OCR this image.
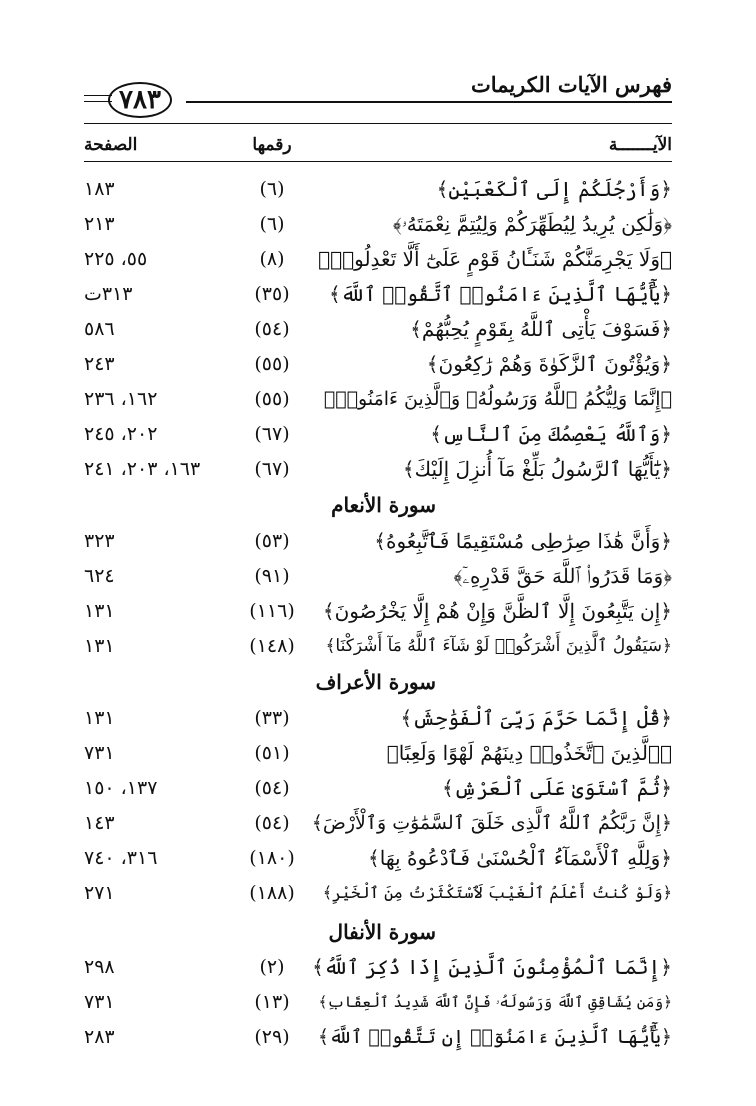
فهرس الآيات الكريمات
٧٨٣
الآيـــــــة
رقمها
الصفحة
﴿وَأَرْجُلَكُمْ إِلَى ٱلْكَعْبَيْنِ﴾
(٦)
١٨٣
﴿وَلَٰكِن يُرِيدُ لِيُطَهِّرَكُمْ وَلِيُتِمَّ نِعْمَتَهُۥ﴾
(٦)
٢١٣
﴿وَلَا يَجْرِمَنَّكُمْ شَنَـَٔانُ قَوْمٍ عَلَىٰٓ أَلَّا تَعْدِلُوا۟﴾
(٨)
٥٥، ٢٢٥
﴿يَٰٓأَيُّهَا ٱلَّذِينَ ءَامَنُوا۟ ٱتَّقُوا۟ ٱللَّهَ﴾
(٣٥)
٣١٣ت
﴿فَسَوْفَ يَأْتِى ٱللَّهُ بِقَوْمٍ يُحِبُّهُمْ﴾
(٥٤)
٥٨٦
﴿وَيُؤْتُونَ ٱلزَّكَوٰةَ وَهُمْ رَٰكِعُونَ﴾
(٥٥)
٢٤٣
﴿إِنَّمَا وَلِيُّكُمُ ٱللَّهُ وَرَسُولُهُۥ وَٱلَّذِينَ ءَامَنُوا۟﴾
(٥٥)
١٦٢، ٢٣٦
﴿وَٱللَّهُ يَعْصِمُكَ مِنَ ٱلنَّاسِ﴾
(٦٧)
٢٠٢، ٢٤٥
﴿يَٰٓأَيُّهَا ٱلرَّسُولُ بَلِّغْ مَآ أُنزِلَ إِلَيْكَ﴾
(٦٧)
١٦٣، ٢٠٣، ٢٤١
سورة الأنعام
﴿وَأَنَّ هَٰذَا صِرَٰطِى مُسْتَقِيمًا فَٱتَّبِعُوهُ﴾
(٥٣)
٣٢٣
﴿وَمَا قَدَرُوا۟ ٱللَّهَ حَقَّ قَدْرِهِۦٓ﴾
(٩١)
٦٢٤
﴿إِن يَتَّبِعُونَ إِلَّا ٱلظَّنَّ وَإِنْ هُمْ إِلَّا يَخْرُصُونَ﴾
(١١٦)
١٣١
﴿سَيَقُولُ ٱلَّذِينَ أَشْرَكُوا۟ لَوْ شَآءَ ٱللَّهُ مَآ أَشْرَكْنَا﴾
(١٤٨)
١٣١
سورة الأعراف
﴿قُلْ إِنَّمَا حَرَّمَ رَبِّىَ ٱلْفَوَٰحِشَ﴾
(٣٣)
١٣١
﴿ٱلَّذِينَ ٱتَّخَذُوا۟ دِينَهُمْ لَهْوًا وَلَعِبًا﴾
(٥١)
٧٣١
﴿ثُمَّ ٱسْتَوَىٰ عَلَى ٱلْعَرْشِ﴾
(٥٤)
١٣٧، ١٥٠
﴿إِنَّ رَبَّكُمُ ٱللَّهُ ٱلَّذِى خَلَقَ ٱلسَّمَٰوَٰتِ وَٱلْأَرْضَ﴾
(٥٤)
١٤٣
﴿وَلِلَّهِ ٱلْأَسْمَآءُ ٱلْحُسْنَىٰ فَٱدْعُوهُ بِهَا﴾
(١٨٠)
٣١٦، ٧٤٠
﴿وَلَوْ كُنتُ أَعْلَمُ ٱلْغَيْبَ لَٱسْتَكْثَرْتُ مِنَ ٱلْخَيْرِ﴾
(١٨٨)
٢٧١
سورة الأنفال
﴿إِنَّمَا ٱلْمُؤْمِنُونَ ٱلَّذِينَ إِذَا ذُكِرَ ٱللَّهُ﴾
(٢)
٢٩٨
﴿وَمَن يُشَاقِقِ ٱللَّهَ وَرَسُولَهُۥ فَإِنَّ ٱللَّهَ شَدِيدُ ٱلْعِقَابِ﴾
(١٣)
٧٣١
﴿يَٰٓأَيُّهَا ٱلَّذِينَ ءَامَنُوٓا۟ إِن تَتَّقُوا۟ ٱللَّهَ﴾
(٢٩)
٢٨٣
